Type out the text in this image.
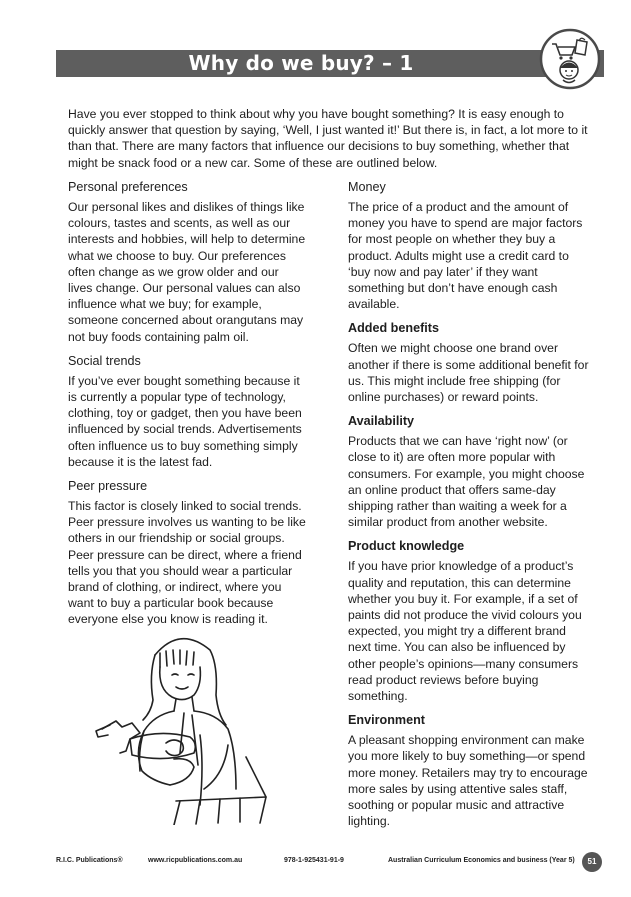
Why do we buy? – 1
Have you ever stopped to think about why you have bought something? It is easy enough to quickly answer that question by saying, ‘Well, I just wanted it!’ But there is, in fact, a lot more to it than that. There are many factors that influence our decisions to buy something, whether that might be snack food or a new car. Some of these are outlined below.
Personal preferences

Our personal likes and dislikes of things like colours, tastes and scents, as well as our interests and hobbies, will help to determine what we choose to buy. Our preferences often change as we grow older and our lives change. Our personal values can also influence what we buy; for example, someone concerned about orangutans may not buy foods containing palm oil.

Social trends

If you’ve ever bought something because it is currently a popular type of technology, clothing, toy or gadget, then you have been influenced by social trends. Advertisements often influence us to buy something simply because it is the latest fad.

Peer pressure

This factor is closely linked to social trends. Peer pressure involves us wanting to be like others in our friendship or social groups. Peer pressure can be direct, where a friend tells you that you should wear a particular brand of clothing, or indirect, where you want to buy a particular book because everyone else you know is reading it.

Money

The price of a product and the amount of money you have to spend are major factors for most people on whether they buy a product. Adults might use a credit card to ‘buy now and pay later’ if they want something but don’t have enough cash available.

Added benefits

Often we might choose one brand over another if there is some additional benefit for us. This might include free shipping (for online purchases) or reward points.

Availability

Products that we can have ‘right now’ (or close to it) are often more popular with consumers. For example, you might choose an online product that offers same-day shipping rather than waiting a week for a similar product from another website.

Product knowledge

If you have prior knowledge of a product’s quality and reputation, this can determine whether you buy it. For example, if a set of paints did not produce the vivid colours you expected, you might try a different brand next time. You can also be influenced by other people’s opinions—many consumers read product reviews before buying something.

Environment

A pleasant shopping environment can make you more likely to buy something—or spend more money. Retailers may try to encourage more sales by using attentive sales staff, soothing or popular music and attractive lighting.

R.I.C. Publications®	www.ricpublications.com.au	978-1-925431-91-9	Australian Curriculum Economics and business (Year 5)	51
